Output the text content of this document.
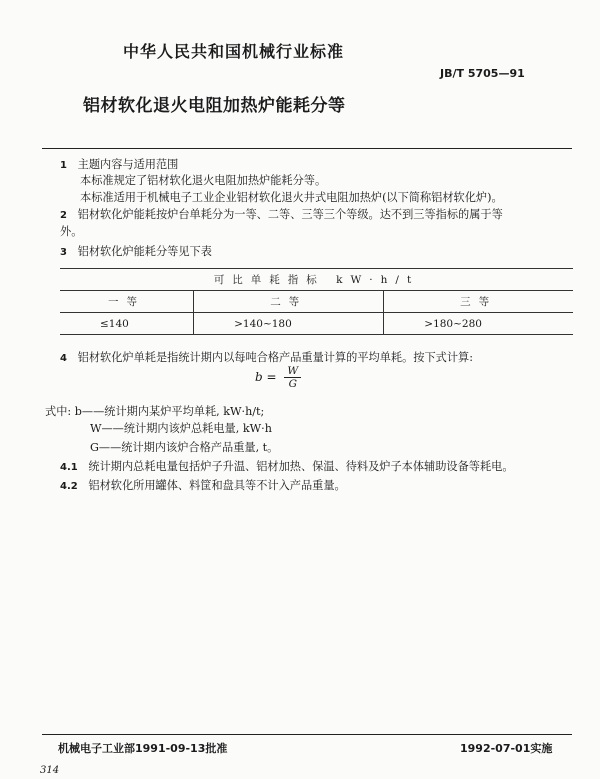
中华人民共和国机械行业标准
JB/T 5705—91
铝材软化退火电阻加热炉能耗分等
1 主题内容与适用范围
本标准规定了铝材软化退火电阻加热炉能耗分等。
本标准适用于机械电子工业企业铝材软化退火井式电阻加热炉(以下简称铝材软化炉)。
2 铝材软化炉能耗按炉台单耗分为一等、二等、三等三个等级。达不到三等指标的属于等
外。
3 铝材软化炉能耗分等见下表
可比单耗指标 kW·h/t		
一等	二等	三等
≤140	>140~180	>180~280
4 铝材软化炉单耗是指统计期内以每吨合格产品重量计算的平均单耗。按下式计算:
$b = \frac{W}{G}$
式中: b——统计期内某炉平均单耗, kW·h/t;
W——统计期内该炉总耗电量, kW·h
G——统计期内该炉合格产品重量, t。
4.1 统计期内总耗电量包括炉子升温、铝材加热、保温、待料及炉子本体辅助设备等耗电。
4.2 铝材软化所用罐体、料筐和盘具等不计入产品重量。
机械电子工业部1991-09-13批准	1992-07-01实施
314
